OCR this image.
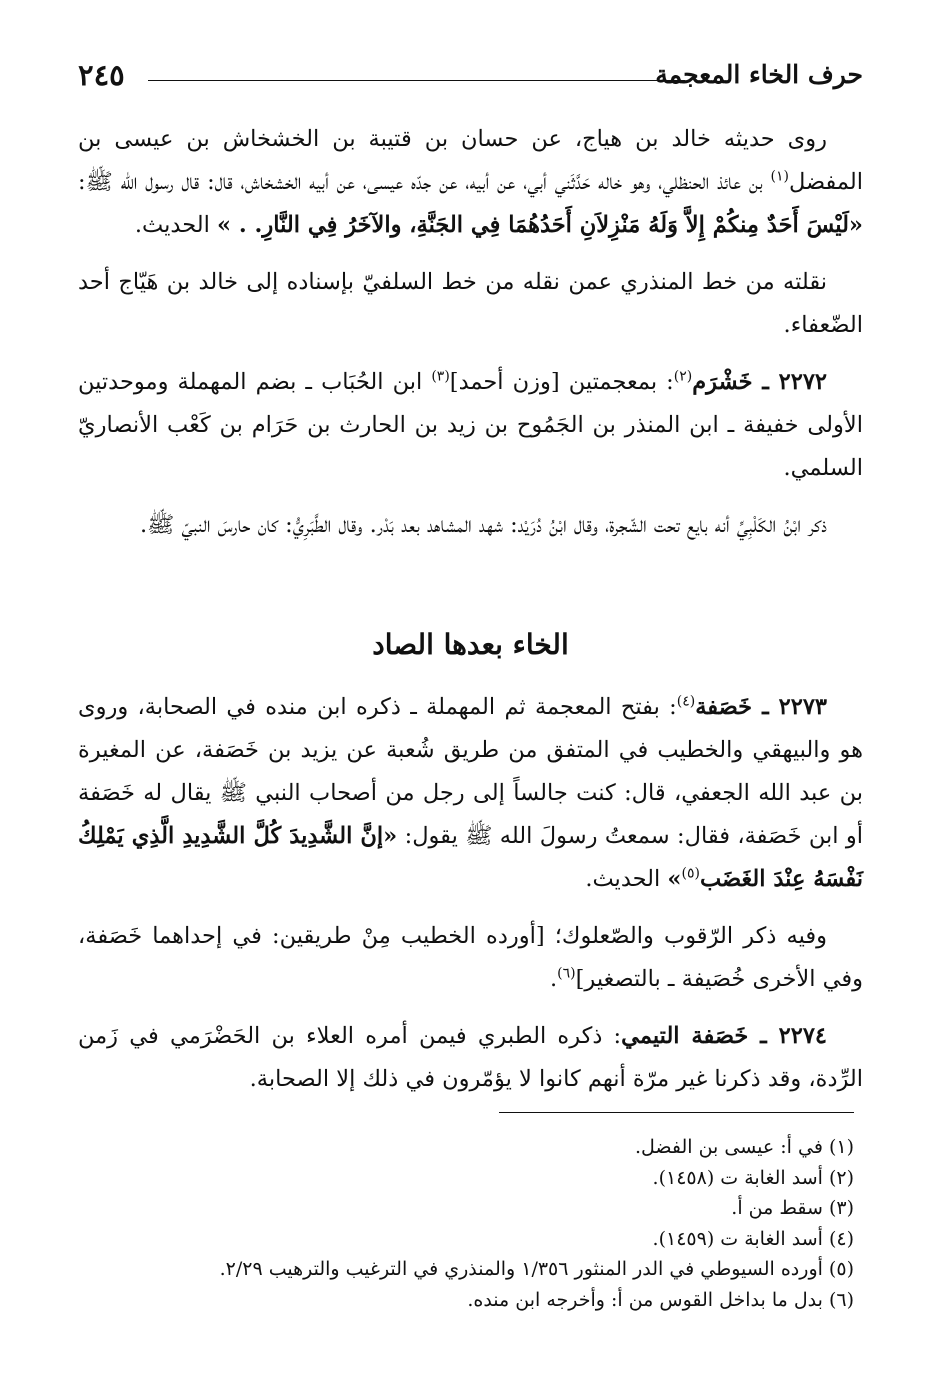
حرف الخاء المعجمة
٢٤٥

روى حديثه خالد بن هياج، عن حسان بن قتيبة بن الخشخاش بن عيسى بن المفضل$^{(١)}$ بن عائذ الحنظلي، وهو خاله حَدَّثَني أبي، عن أبيه، عن جدّه عيسى، عن أبيه الخشخاش، قال: قال رسول الله ﷺ: «لَيْسَ أَحَدٌ مِنكُمْ إِلاَّ وَلَهُ مَنْزِلاَنِ أَحَدُهُمَا فِي الجَنَّةِ، والآخَرُ فِي النَّارِ. . » الحديث.

نقلته من خط المنذري عمن نقله من خط السلفيّ بإسناده إلى خالد بن هَيّاج أحد الضّعفاء.

٢٢٧٢ ـ خَشْرَم$^{(٢)}$: بمعجمتين [وزن أحمد]$^{(٣)}$ ابن الحُبَاب ـ بضم المهملة وموحدتين الأولى خفيفة ـ ابن المنذر بن الجَمُوح بن زيد بن الحارث بن حَرَام بن كَعْب الأنصاريّ السلمي.

ذكر ابْنُ الكَلْبِيِّ أنه بايع تحت الشّجرة، وقال ابْنُ دُرَيْد: شهد المشاهد بعد بَدْر. وقال الطَّبَرِيُّ: كان حارسَ النبيّ ﷺ.

الخاء بعدها الصاد

٢٢٧٣ ـ خَصَفة$^{(٤)}$: بفتح المعجمة ثم المهملة ـ ذكره ابن منده في الصحابة، وروى هو والبيهقي والخطيب في المتفق من طريق شُعبة عن يزيد بن خَصَفة، عن المغيرة بن عبد الله الجعفي، قال: كنت جالساً إلى رجل من أصحاب النبي ﷺ يقال له خَصَفة أو ابن خَصَفة، فقال: سمعتُ رسولَ الله ﷺ يقول: «إنَّ الشَّدِيدَ كُلَّ الشَّدِيدِ الَّذِي يَمْلِكُ نَفْسَهُ عِنْدَ الغَضَب$^{(٥)}$» الحديث.

وفيه ذكر الرّقوب والصّعلوك؛ [أورده الخطيب مِنْ طريقين: في إحداهما خَصَفة، وفي الأخرى خُصَيفة ـ بالتصغير]$^{(٦)}$.

٢٢٧٤ ـ خَصَفة التيمي: ذكره الطبري فيمن أمره العلاء بن الحَضْرَمي في زَمن الرِّدة، وقد ذكرنا غير مرّة أنهم كانوا لا يؤمّرون في ذلك إلا الصحابة.

(١) في أ: عيسى بن الفضل.
(٢) أسد الغابة ت (١٤٥٨).
(٣) سقط من أ.
(٤) أسد الغابة ت (١٤٥٩).
(٥) أورده السيوطي في الدر المنثور ١/٣٥٦ والمنذري في الترغيب والترهيب ٢/٢٩.
(٦) بدل ما بداخل القوس من أ: وأخرجه ابن منده.
